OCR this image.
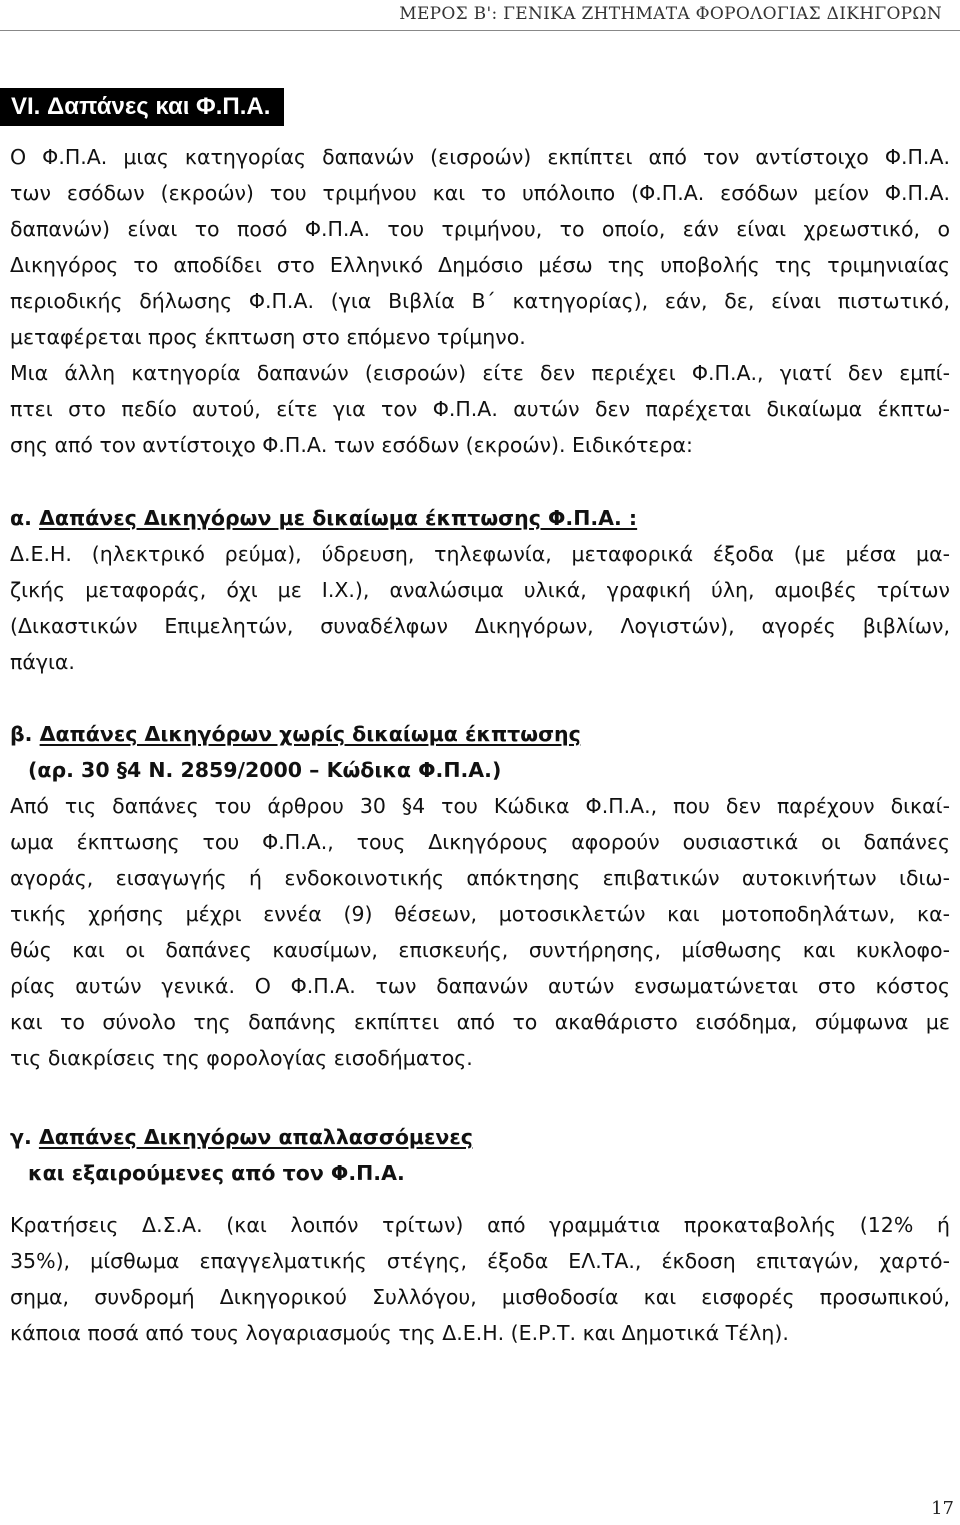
ΜΕΡΟΣ Β': ΓΕΝΙΚΑ ΖΗΤΗΜΑΤΑ ΦΟΡΟΛΟΓΙΑΣ ΔΙΚΗΓΟΡΩΝ
VI. Δαπάνες και Φ.Π.Α.
Ο Φ.Π.Α. μιας κατηγορίας δαπανών (εισροών) εκπίπτει από τον αντίστοιχο Φ.Π.Α.
των εσόδων (εκροών) του τριμήνου και το υπόλοιπο (Φ.Π.Α. εσόδων μείον Φ.Π.Α.
δαπανών) είναι το ποσό Φ.Π.Α. του τριμήνου, το οποίο, εάν είναι χρεωστικό, ο
Δικηγόρος το αποδίδει στο Ελληνικό Δημόσιο μέσω της υποβολής της τριμηνιαίας
περιοδικής δήλωσης Φ.Π.Α. (για Βιβλία Β΄ κατηγορίας), εάν, δε, είναι πιστωτικό,
μεταφέρεται προς έκπτωση στο επόμενο τρίμηνο.
Μια άλλη κατηγορία δαπανών (εισροών) είτε δεν περιέχει Φ.Π.Α., γιατί δεν εμπί-
πτει στο πεδίο αυτού, είτε για τον Φ.Π.Α. αυτών δεν παρέχεται δικαίωμα έκπτω-
σης από τον αντίστοιχο Φ.Π.Α. των εσόδων (εκροών). Ειδικότερα:
α. Δαπάνες Δικηγόρων με δικαίωμα έκπτωσης Φ.Π.Α. :
Δ.Ε.Η. (ηλεκτρικό ρεύμα), ύδρευση, τηλεφωνία, μεταφορικά έξοδα (με μέσα μα-
ζικής μεταφοράς, όχι με Ι.Χ.), αναλώσιμα υλικά, γραφική ύλη, αμοιβές τρίτων
(Δικαστικών Επιμελητών, συναδέλφων Δικηγόρων, Λογιστών), αγορές βιβλίων,
πάγια.
β. Δαπάνες Δικηγόρων χωρίς δικαίωμα έκπτωσης
(αρ. 30 §4 Ν. 2859/2000 – Κώδικα Φ.Π.Α.)
Από τις δαπάνες του άρθρου 30 §4 του Κώδικα Φ.Π.Α., που δεν παρέχουν δικαί-
ωμα έκπτωσης του Φ.Π.Α., τους Δικηγόρους αφορούν ουσιαστικά οι δαπάνες
αγοράς, εισαγωγής ή ενδοκοινοτικής απόκτησης επιβατικών αυτοκινήτων ιδιω-
τικής χρήσης μέχρι εννέα (9) θέσεων, μοτοσικλετών και μοτοποδηλάτων, κα-
θώς και οι δαπάνες καυσίμων, επισκευής, συντήρησης, μίσθωσης και κυκλοφο-
ρίας αυτών γενικά. Ο Φ.Π.Α. των δαπανών αυτών ενσωματώνεται στο κόστος
και το σύνολο της δαπάνης εκπίπτει από το ακαθάριστο εισόδημα, σύμφωνα με
τις διακρίσεις της φορολογίας εισοδήματος.
γ. Δαπάνες Δικηγόρων απαλλασσόμενες
και εξαιρούμενες από τον Φ.Π.Α.
Κρατήσεις Δ.Σ.Α. (και λοιπόν τρίτων) από γραμμάτια προκαταβολής (12% ή
35%), μίσθωμα επαγγελματικής στέγης, έξοδα ΕΛ.ΤΑ., έκδοση επιταγών, χαρτό-
σημα, συνδρομή Δικηγορικού Συλλόγου, μισθοδοσία και εισφορές προσωπικού,
κάποια ποσά από τους λογαριασμούς της Δ.Ε.Η. (Ε.Ρ.Τ. και Δημοτικά Τέλη).
17
